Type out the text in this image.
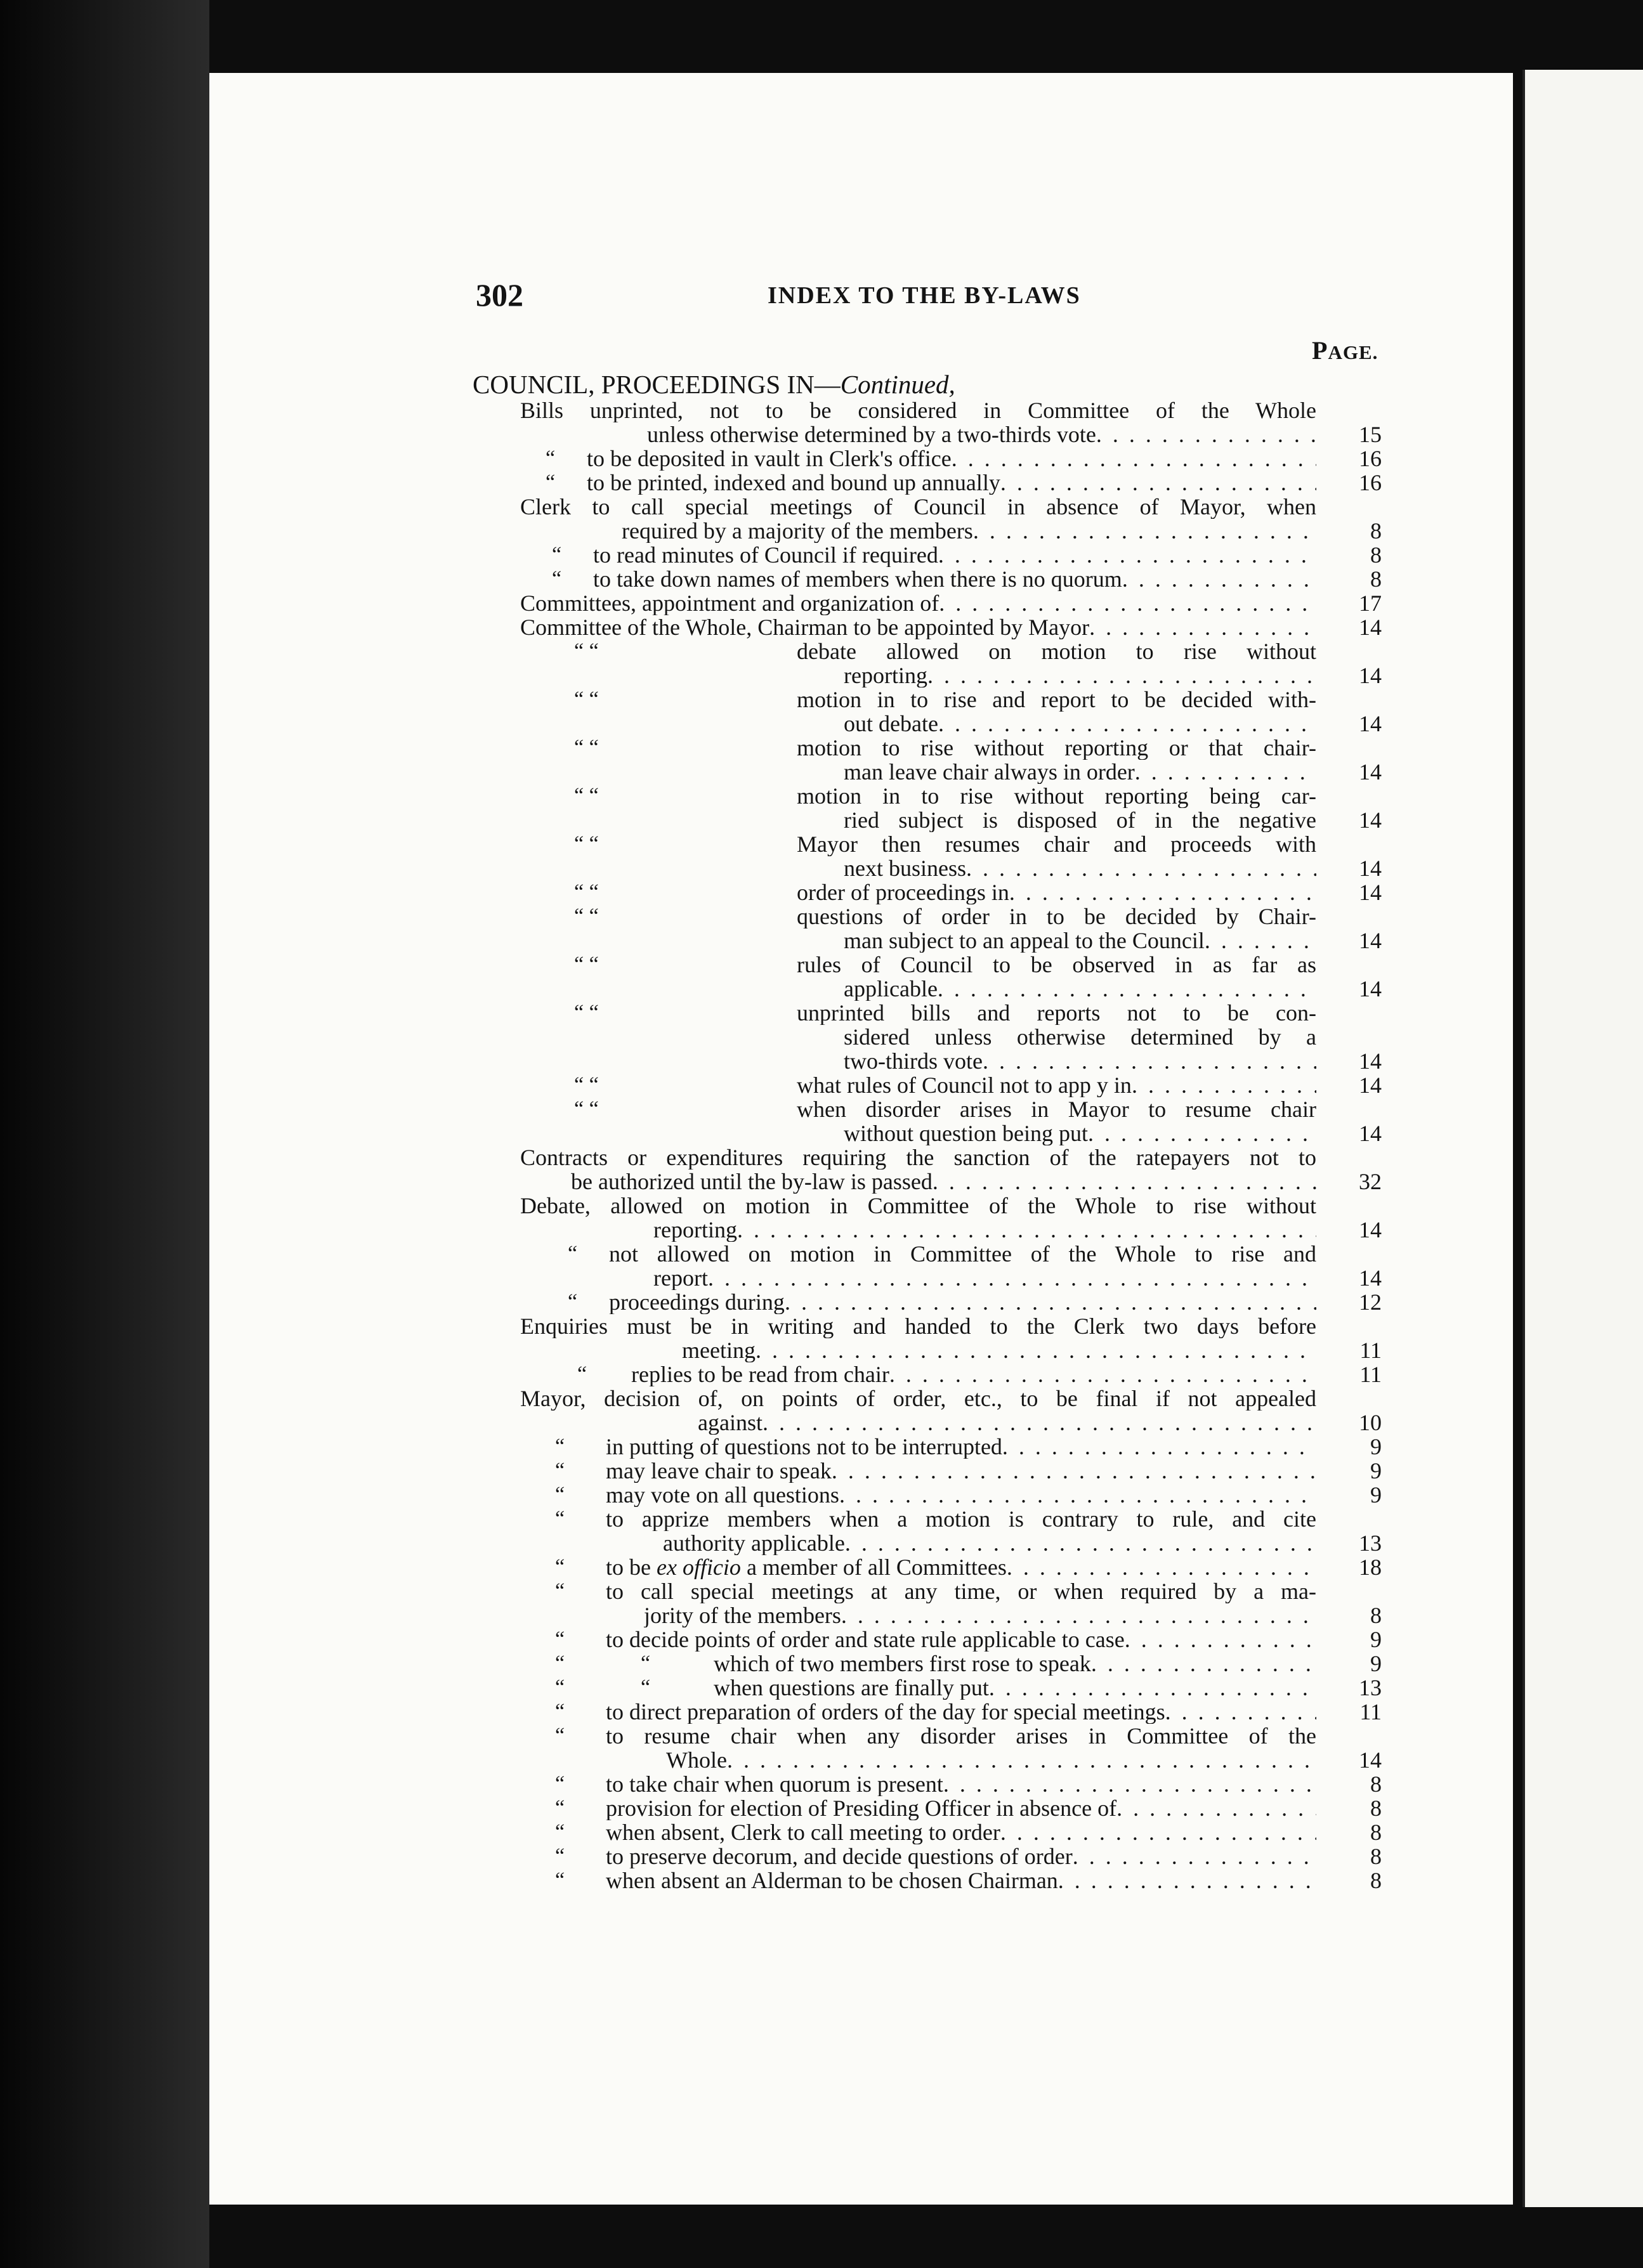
302	INDEX TO THE BY-LAWS
PAGE.
COUNCIL, PROCEEDINGS IN—Continued,
Bills unprinted, not to be considered in Committee of the Whole
unless otherwise determined by a two-thirds vote . . .	15
“ to be deposited in vault in Clerk's office . . .	16
“ to be printed, indexed and bound up annually . . .	16
Clerk to call special meetings of Council in absence of Mayor, when
required by a majority of the members . . .	8
“ to read minutes of Council if required . . .	8
“ to take down names of members when there is no quorum . . .	8
Committees, appointment and organization of . . .	17
Committee of the Whole, Chairman to be appointed by Mayor . . .	14
“ “	debate allowed on motion to rise without
reporting . . .	14
“ “	motion in to rise and report to be decided with-
out debate . . .	14
“ “	motion to rise without reporting or that chair-
man leave chair always in order . . .	14
“ “	motion in to rise without reporting being car-
ried subject is disposed of in the negative	14
“ “	Mayor then resumes chair and proceeds with
next business . . .	14
“ “	order of proceedings in . . .	14
“ “	questions of order in to be decided by Chair-
man subject to an appeal to the Council . . .	14
“ “	rules of Council to be observed in as far as
applicable . . .	14
“ “	unprinted bills and reports not to be con-
sidered unless otherwise determined by a
two-thirds vote . . .	14
“ “	what rules of Council not to app y in . . .	14
“ “	when disorder arises in Mayor to resume chair
without question being put . . .	14
Contracts or expenditures requiring the sanction of the ratepayers not to
be authorized until the by-law is passed . . .	32
Debate, allowed on motion in Committee of the Whole to rise without
reporting . . .	14
“ not allowed on motion in Committee of the Whole to rise and
report . . .	14
“ proceedings during . . .	12
Enquiries must be in writing and handed to the Clerk two days before
meeting . . .	11
“ replies to be read from chair . . .	11
Mayor, decision of, on points of order, etc., to be final if not appealed
against . . .	10
“ in putting of questions not to be interrupted . . .	9
“ may leave chair to speak . . .	9
“ may vote on all questions . . .	9
“ to apprize members when a motion is contrary to rule, and cite
authority applicable . . .	13
“ to be ex officio a member of all Committees . . .	18
“ to call special meetings at any time, or when required by a ma-
jority of the members . . .	8
“ to decide points of order and state rule applicable to case . . .	9
“	“	which of two members first rose to speak . . .	9
“	“	when questions are finally put . . .	13
“ to direct preparation of orders of the day for special meetings . . .	11
“ to resume chair when any disorder arises in Committee of the
Whole . . .	14
“ to take chair when quorum is present . . .	8
“ provision for election of Presiding Officer in absence of . . .	8
“ when absent, Clerk to call meeting to order . . .	8
“ to preserve decorum, and decide questions of order . . .	8
“ when absent an Alderman to be chosen Chairman . . .	8
